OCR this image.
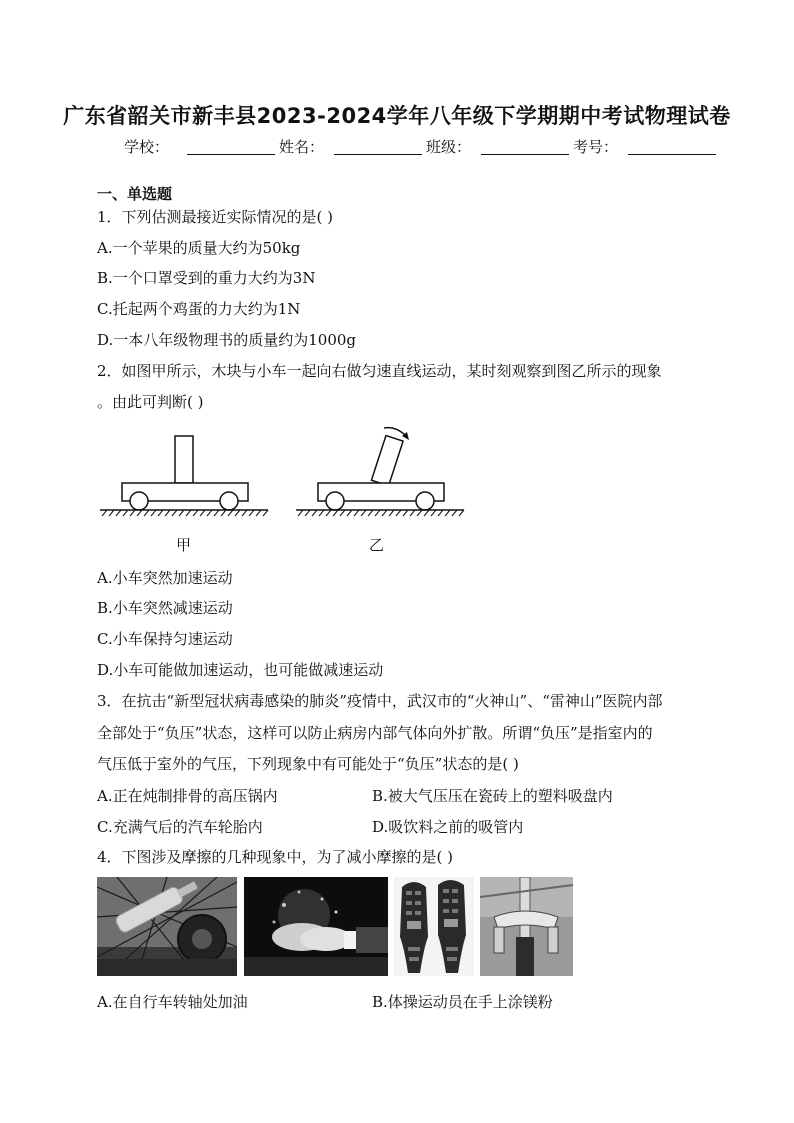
广东省韶关市新丰县2023-2024学年八年级下学期期中考试物理试卷
学校：	姓名：	班级：	考号：
一、单选题
1．下列估测最接近实际情况的是( )
A.一个苹果的质量大约为50kg
B.一个口罩受到的重力大约为3N
C.托起两个鸡蛋的力大约为1N
D.一本八年级物理书的质量约为1000g
2．如图甲所示，木块与小车一起向右做匀速直线运动，某时刻观察到图乙所示的现象
。由此可判断( )
甲	乙
A.小车突然加速运动
B.小车突然减速运动
C.小车保持匀速运动
D.小车可能做加速运动，也可能做减速运动
3．在抗击“新型冠状病毒感染的肺炎”疫情中，武汉市的“火神山”、“雷神山”医院内部
全部处于“负压”状态，这样可以防止病房内部气体向外扩散。所谓“负压”是指室内的
气压低于室外的气压，下列现象中有可能处于“负压”状态的是( )
A.正在炖制排骨的高压锅内	B.被大气压压在瓷砖上的塑料吸盘内
C.充满气后的汽车轮胎内	D.吸饮料之前的吸管内
4．下图涉及摩擦的几种现象中，为了减小摩擦的是( )
A.在自行车转轴处加油	B.体操运动员在手上涂镁粉
